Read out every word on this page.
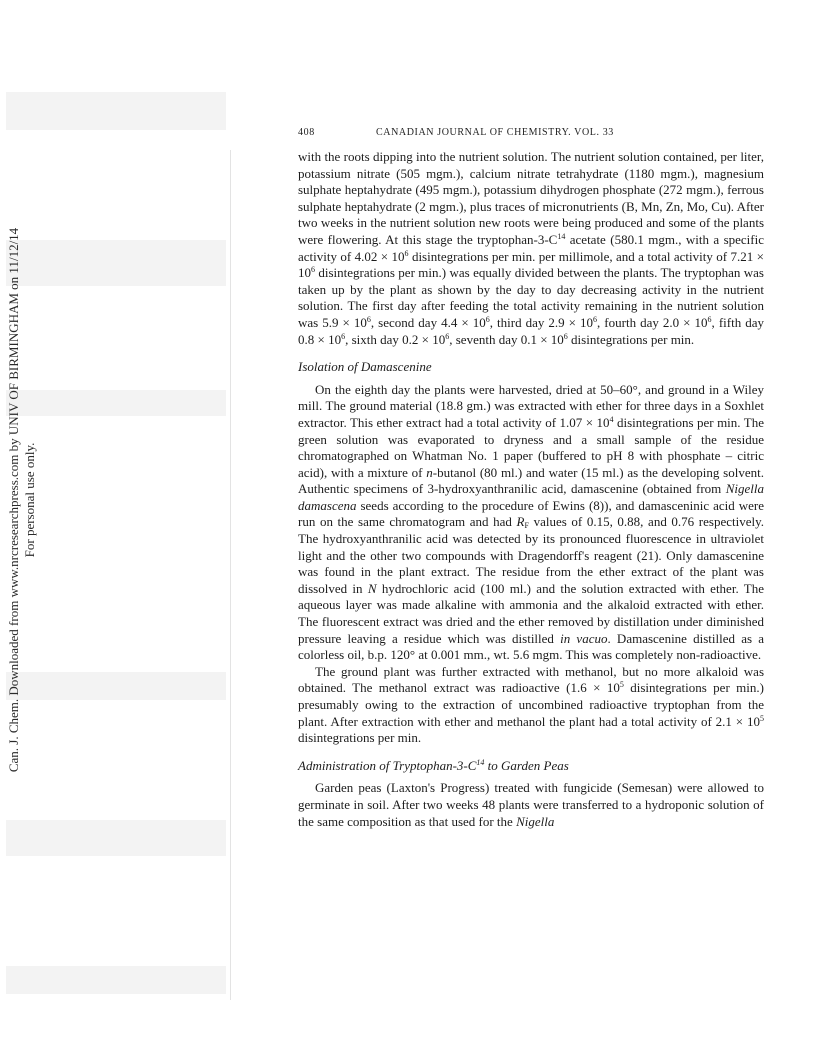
Can. J. Chem. Downloaded from www.nrcresearchpress.com by UNIV OF BIRMINGHAM on 11/12/14 For personal use only.
408	CANADIAN JOURNAL OF CHEMISTRY. VOL. 33

with the roots dipping into the nutrient solution. The nutrient solution contained, per liter, potassium nitrate (505 mgm.), calcium nitrate tetrahydrate (1180 mgm.), magnesium sulphate heptahydrate (495 mgm.), potassium dihydrogen phosphate (272 mgm.), ferrous sulphate heptahydrate (2 mgm.), plus traces of micronutrients (B, Mn, Zn, Mo, Cu). After two weeks in the nutrient solution new roots were being produced and some of the plants were flowering. At this stage the tryptophan-$3-C^{14}$ acetate (580.1 mgm., with a specific activity of $4.02 \times 10^6$ disintegrations per min. per millimole, and a total activity of $7.21 \times 10^6$ disintegrations per min.) was equally divided between the plants. The tryptophan was taken up by the plant as shown by the day to day decreasing activity in the nutrient solution. The first day after feeding the total activity remaining in the nutrient solution was $5.9 \times 10^6$, second day $4.4 \times 10^6$, third day $2.9 \times 10^6$, fourth day $2.0 \times 10^6$, fifth day $0.8 \times 10^6$, sixth day $0.2 \times 10^6$, seventh day $0.1 \times 10^6$ disintegrations per min.

Isolation of Damascenine

On the eighth day the plants were harvested, dried at 50–60°, and ground in a Wiley mill. The ground material (18.8 gm.) was extracted with ether for three days in a Soxhlet extractor. This ether extract had a total activity of $1.07 \times 10^4$ disintegrations per min. The green solution was evaporated to dryness and a small sample of the residue chromatographed on Whatman No. 1 paper (buffered to pH 8 with phosphate – citric acid), with a mixture of n-butanol (80 ml.) and water (15 ml.) as the developing solvent. Authentic specimens of 3-hydroxyanthranilic acid, damascenine (obtained from Nigella damascena seeds according to the procedure of Ewins (8)), and damasceninic acid were run on the same chromatogram and had $R_F$ values of 0.15, 0.88, and 0.76 respectively. The hydroxyanthranilic acid was detected by its pronounced fluorescence in ultraviolet light and the other two compounds with Dragendorff's reagent (21). Only damascenine was found in the plant extract. The residue from the ether extract of the plant was dissolved in N hydrochloric acid (100 ml.) and the solution extracted with ether. The aqueous layer was made alkaline with ammonia and the alkaloid extracted with ether. The fluorescent extract was dried and the ether removed by distillation under diminished pressure leaving a residue which was distilled in vacuo. Damascenine distilled as a colorless oil, b.p. 120° at 0.001 mm., wt. 5.6 mgm. This was completely non-radioactive.

The ground plant was further extracted with methanol, but no more alkaloid was obtained. The methanol extract was radioactive ($1.6 \times 10^5$ disintegrations per min.) presumably owing to the extraction of uncombined radioactive tryptophan from the plant. After extraction with ether and methanol the plant had a total activity of $2.1 \times 10^5$ disintegrations per min.

Administration of Tryptophan-$3-C^{14}$ to Garden Peas

Garden peas (Laxton's Progress) treated with fungicide (Semesan) were allowed to germinate in soil. After two weeks 48 plants were transferred to a hydroponic solution of the same composition as that used for the Nigella
